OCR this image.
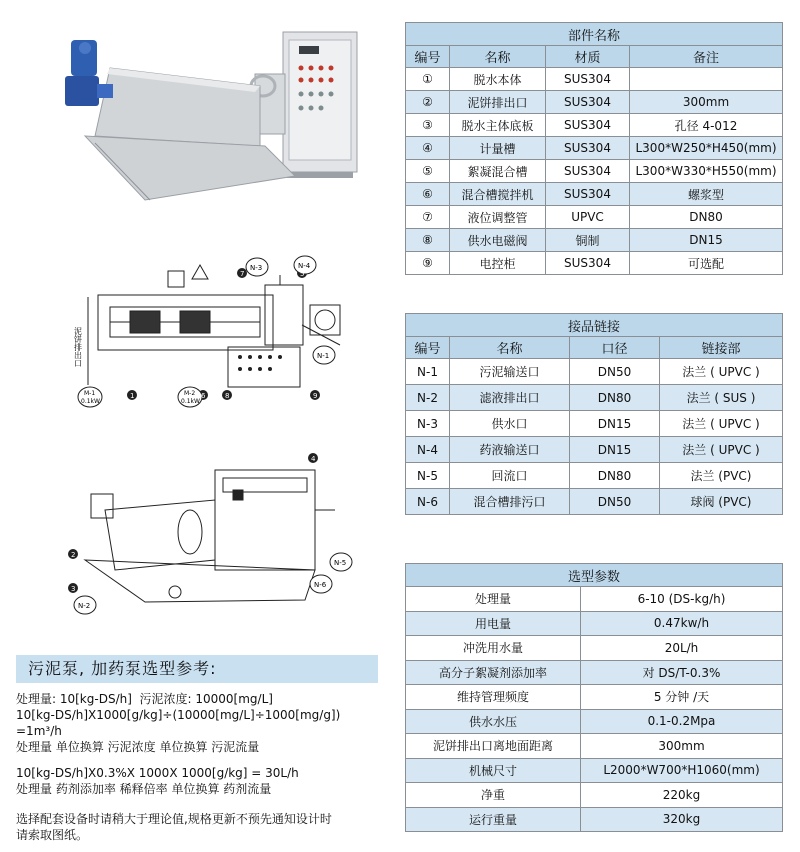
泥饼排出口
M-1
0.1kW
M-2
0.1kW
N-3	N-4
N-1
1	6	8
7	5
9
N-2
N-5
N-6
2
3
4
污泥泵, 加药泵选型参考:

处理量: 10[kg-DS/h]  污泥浓度: 10000[mg/L]

10[kg-DS/h]X1000[g/kg]÷(10000[mg/L]÷1000[mg/g])

=1m³/h

处理量 单位换算 污泥浓度 单位换算 污泥流量

10[kg-DS/h]X0.3%X 1000X 1000[g/kg] = 30L/h

处理量 药剂添加率 稀释倍率 单位换算 药剂流量

选择配套设备时请稍大于理论值,规格更新不预先通知设计时

请索取图纸。

部件名称			
编号	名称	材质	备注
①	脱水本体	SUS304	
②	泥饼排出口	SUS304	300mm
③	脱水主体底板	SUS304	孔径 4-012
④	计量槽	SUS304	L300*W250*H450(mm)
⑤	絮凝混合槽	SUS304	L300*W330*H550(mm)
⑥	混合槽搅拌机	SUS304	螺浆型
⑦	液位调整管	UPVC	DN80
⑧	供水电磁阀	铜制	DN15
⑨	电控柜	SUS304	可选配
接品链接			
编号	名称	口径	链接部
N-1	污泥输送口	DN50	法兰 ( UPVC )
N-2	滤液排出口	DN80	法兰 ( SUS )
N-3	供水口	DN15	法兰 ( UPVC )
N-4	药液输送口	DN15	法兰 ( UPVC )
N-5	回流口	DN80	法兰 (PVC)
N-6	混合槽排污口	DN50	球阀 (PVC)
选型参数	
处理量	6-10 (DS-kg/h)
用电量	0.47kw/h
冲洗用水量	20L/h
高分子絮凝剂添加率	对 DS/T-0.3%
维持管理频度	5 分钟 /天
供水水压	0.1-0.2Mpa
泥饼排出口离地面距离	300mm
机械尺寸	L2000*W700*H1060(mm)
净重	220kg
运行重量	320kg
